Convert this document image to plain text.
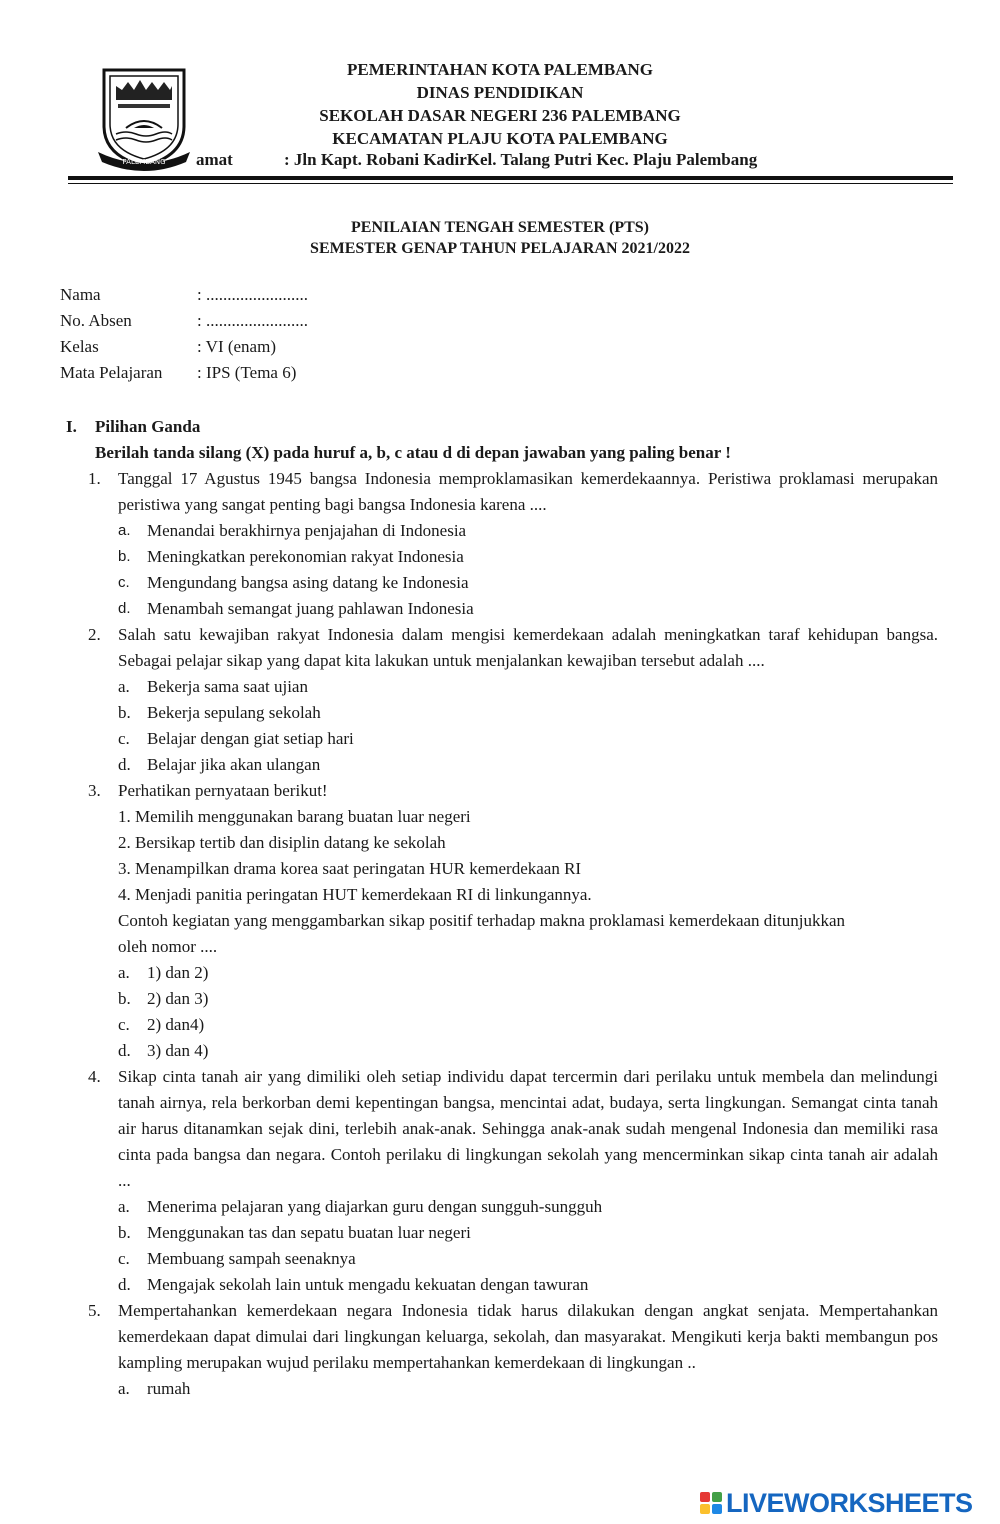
PALEMBANG
PEMERINTAHAN KOTA PALEMBANG
DINAS PENDIDIKAN
SEKOLAH DASAR NEGERI 236 PALEMBANG
KECAMATAN PLAJU KOTA PALEMBANG
amat	: Jln Kapt. Robani KadirKel. Talang Putri Kec. Plaju Palembang
PENILAIAN TENGAH SEMESTER (PTS)
SEMESTER GENAP TAHUN PELAJARAN 2021/2022
Nama	: ........................
No. Absen	: ........................
Kelas	: VI (enam)
Mata Pelajaran : IPS (Tema 6)
I. Pilihan Ganda
Berilah tanda silang (X) pada huruf a, b, c atau d di depan jawaban yang paling benar !
1. Tanggal 17 Agustus 1945 bangsa Indonesia memproklamasikan kemerdekaannya. Peristiwa proklamasi merupakan peristiwa yang sangat penting bagi bangsa Indonesia karena ....
a. Menandai berakhirnya penjajahan di Indonesia
b. Meningkatkan perekonomian rakyat Indonesia
c. Mengundang bangsa asing datang ke Indonesia
d. Menambah semangat juang pahlawan Indonesia
2. Salah satu kewajiban rakyat Indonesia dalam mengisi kemerdekaan adalah meningkatkan taraf kehidupan bangsa. Sebagai pelajar sikap yang dapat kita lakukan untuk menjalankan kewajiban tersebut adalah ....
a. Bekerja sama saat ujian
b. Bekerja sepulang sekolah
c. Belajar dengan giat setiap hari
d. Belajar jika akan ulangan
3. Perhatikan pernyataan berikut!
1. Memilih menggunakan barang buatan luar negeri
2. Bersikap tertib dan disiplin datang ke sekolah
3. Menampilkan drama korea saat peringatan HUR kemerdekaan RI
4. Menjadi panitia peringatan HUT kemerdekaan RI di linkungannya.
Contoh kegiatan yang menggambarkan sikap positif terhadap makna proklamasi kemerdekaan ditunjukkan oleh nomor ....
a. 1) dan 2)
b. 2) dan 3)
c. 2) dan4)
d. 3) dan 4)
4. Sikap cinta tanah air yang dimiliki oleh setiap individu dapat tercermin dari perilaku untuk membela dan melindungi tanah airnya, rela berkorban demi kepentingan bangsa, mencintai adat, budaya, serta lingkungan. Semangat cinta tanah air harus ditanamkan sejak dini, terlebih anak-anak. Sehingga anak-anak sudah mengenal Indonesia dan memiliki rasa cinta pada bangsa dan negara. Contoh perilaku di lingkungan sekolah yang mencerminkan sikap cinta tanah air adalah ...
a. Menerima pelajaran yang diajarkan guru dengan sungguh-sungguh
b. Menggunakan tas dan sepatu buatan luar negeri
c. Membuang sampah seenaknya
d. Mengajak sekolah lain untuk mengadu kekuatan dengan tawuran
5. Mempertahankan kemerdekaan negara Indonesia tidak harus dilakukan dengan angkat senjata. Mempertahankan kemerdekaan dapat dimulai dari lingkungan keluarga, sekolah, dan masyarakat. Mengikuti kerja bakti membangun pos kampling merupakan wujud perilaku mempertahankan kemerdekaan di lingkungan ..
a. rumah
LIVEWORKSHEETS
